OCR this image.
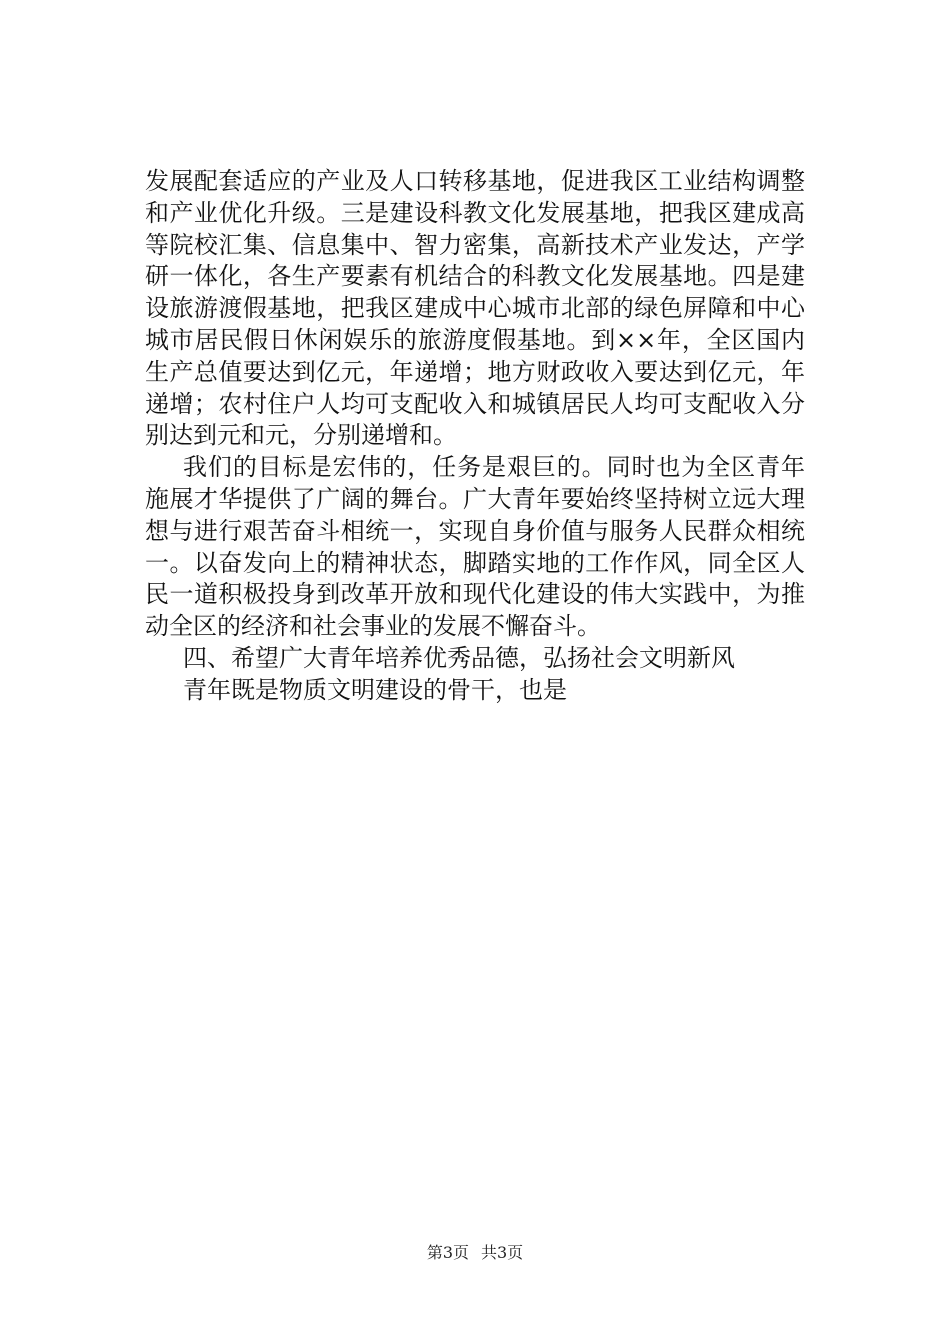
发展配套适应的产业及人口转移基地，促进我区工业结构调整
和产业优化升级。三是建设科教文化发展基地，把我区建成高
等院校汇集、信息集中、智力密集，高新技术产业发达，产学
研一体化，各生产要素有机结合的科教文化发展基地。四是建
设旅游渡假基地，把我区建成中心城市北部的绿色屏障和中心
城市居民假日休闲娱乐的旅游度假基地。到××年，全区国内
生产总值要达到亿元，年递增；地方财政收入要达到亿元，年
递增；农村住户人均可支配收入和城镇居民人均可支配收入分
别达到元和元，分别递增和。
我们的目标是宏伟的，任务是艰巨的。同时也为全区青年
施展才华提供了广阔的舞台。广大青年要始终坚持树立远大理
想与进行艰苦奋斗相统一，实现自身价值与服务人民群众相统
一。以奋发向上的精神状态，脚踏实地的工作作风，同全区人
民一道积极投身到改革开放和现代化建设的伟大实践中，为推
动全区的经济和社会事业的发展不懈奋斗。
四、希望广大青年培养优秀品德，弘扬社会文明新风
青年既是物质文明建设的骨干，也是
第3页 共3页
